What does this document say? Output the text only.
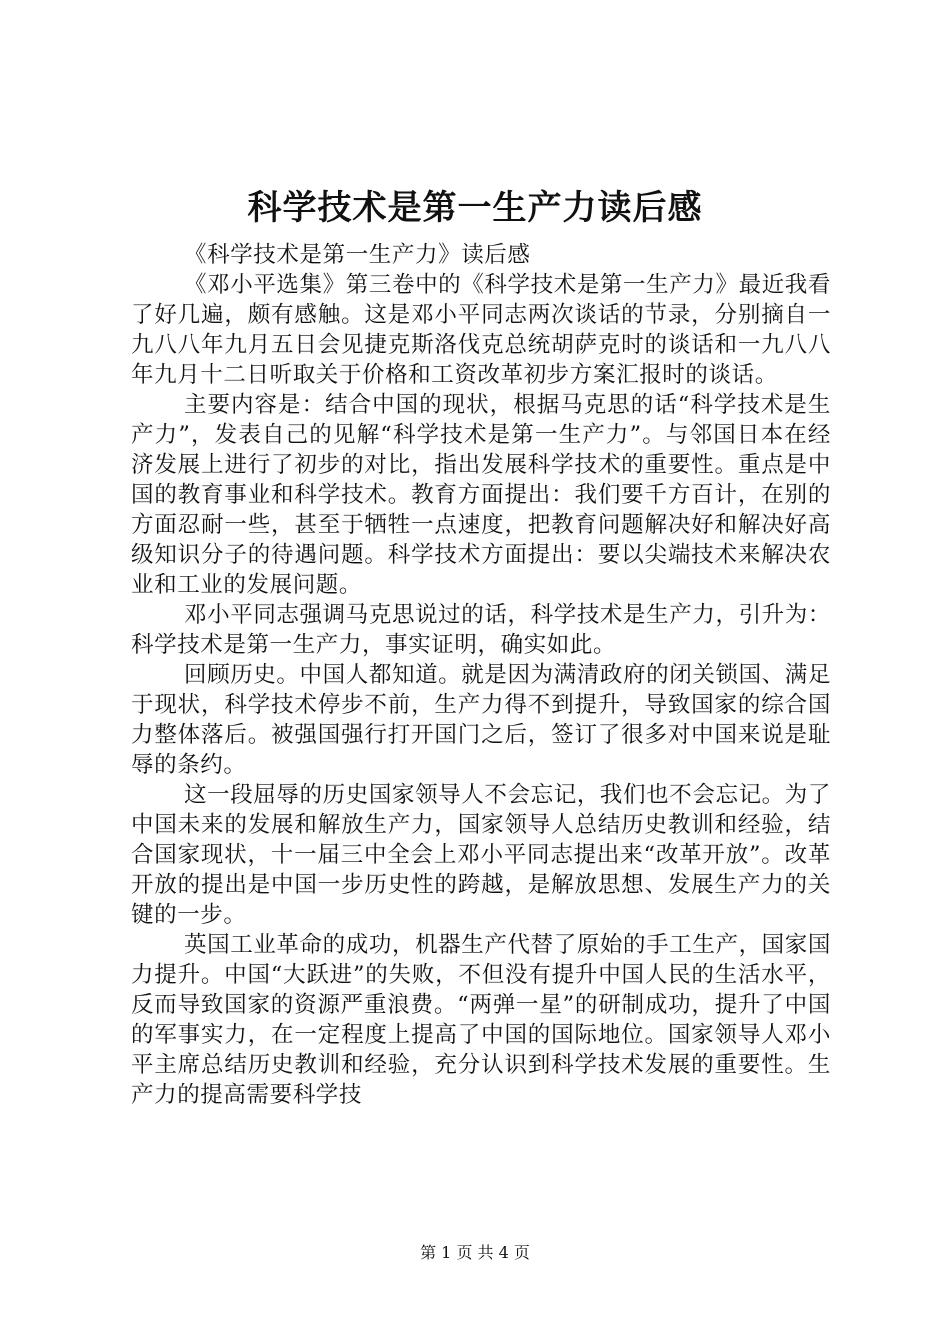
科学技术是第一生产力读后感

《科学技术是第一生产力》读后感

《邓小平选集》第三卷中的《科学技术是第一生产力》最近我看了好几遍，颇有感触。这是邓小平同志两次谈话的节录，分别摘自一九八八年九月五日会见捷克斯洛伐克总统胡萨克时的谈话和一九八八年九月十二日听取关于价格和工资改革初步方案汇报时的谈话。

主要内容是：结合中国的现状，根据马克思的话“科学技术是生产力”，发表自己的见解“科学技术是第一生产力”。与邻国日本在经济发展上进行了初步的对比，指出发展科学技术的重要性。重点是中国的教育事业和科学技术。教育方面提出：我们要千方百计，在别的方面忍耐一些，甚至于牺牲一点速度，把教育问题解决好和解决好高级知识分子的待遇问题。科学技术方面提出：要以尖端技术来解决农业和工业的发展问题。

邓小平同志强调马克思说过的话，科学技术是生产力，引升为：科学技术是第一生产力，事实证明，确实如此。

回顾历史。中国人都知道。就是因为满清政府的闭关锁国、满足于现状，科学技术停步不前，生产力得不到提升，导致国家的综合国力整体落后。被强国强行打开国门之后，签订了很多对中国来说是耻辱的条约。

这一段屈辱的历史国家领导人不会忘记，我们也不会忘记。为了中国未来的发展和解放生产力，国家领导人总结历史教训和经验，结合国家现状，十一届三中全会上邓小平同志提出来“改革开放”。改革开放的提出是中国一步历史性的跨越，是解放思想、发展生产力的关键的一步。

英国工业革命的成功，机器生产代替了原始的手工生产，国家国力提升。中国“大跃进”的失败，不但没有提升中国人民的生活水平，反而导致国家的资源严重浪费。“两弹一星”的研制成功，提升了中国的军事实力，在一定程度上提高了中国的国际地位。国家领导人邓小平主席总结历史教训和经验，充分认识到科学技术发展的重要性。生产力的提高需要科学技

第 1 页 共 4 页
